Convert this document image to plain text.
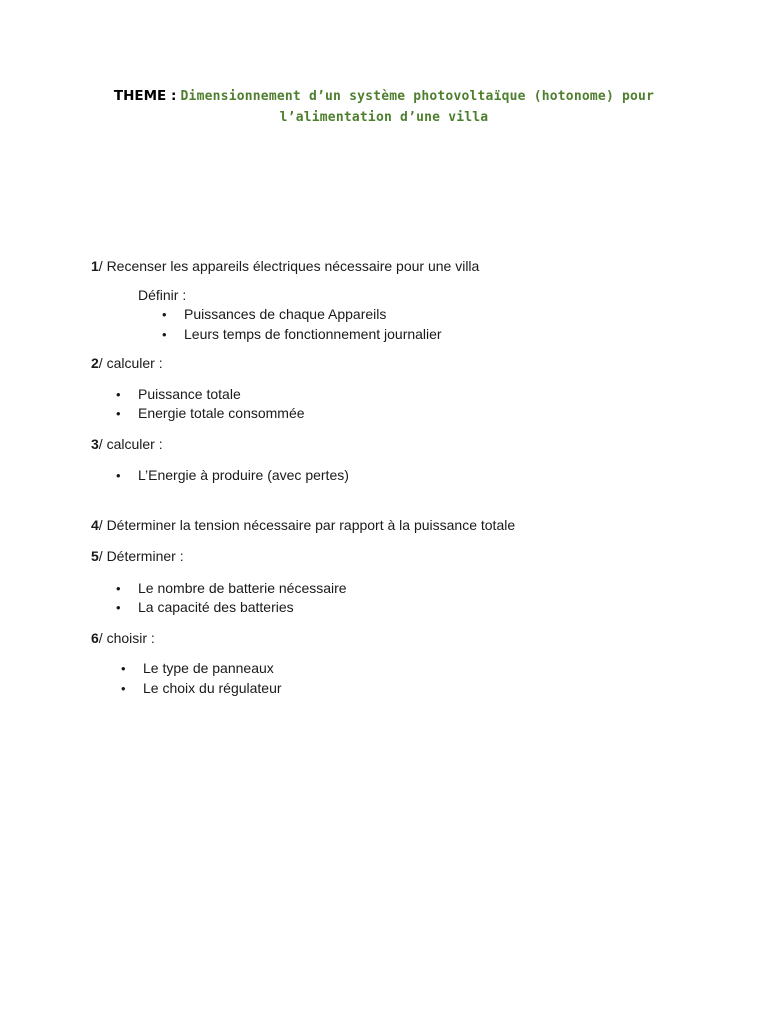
THEME : Dimensionnement d’un système photovoltaïque (hotonome) pour
l’alimentation d’une villa

1/ Recenser les appareils électriques nécessaire pour une villa

Définir :
• Puissances de chaque Appareils
• Leurs temps de fonctionnement journalier

2/ calculer :

• Puissance totale
• Energie totale consommée

3/ calculer :

• L’Energie à produire (avec pertes)

4/ Déterminer la tension nécessaire par rapport à la puissance totale

5/ Déterminer :

• Le nombre de batterie nécessaire
• La capacité des batteries

6/ choisir :

• Le type de panneaux
• Le choix du régulateur
